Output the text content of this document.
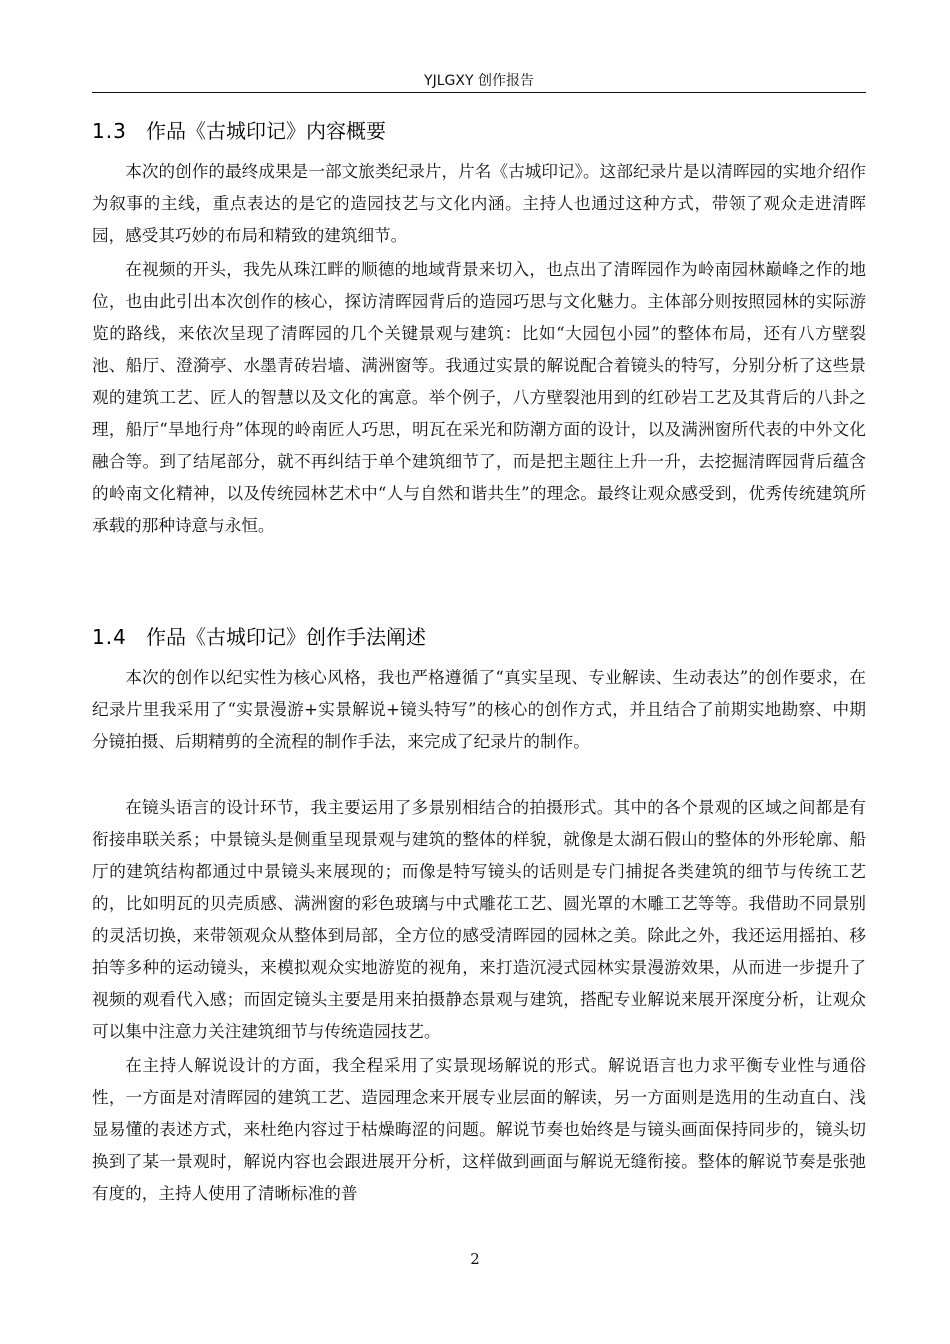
YJLGXY 创作报告
1.3 作品《古城印记》内容概要

本次的创作的最终成果是一部文旅类纪录片，片名《古城印记》。这部纪录片是以清晖园的实地介绍作为叙事的主线，重点表达的是它的造园技艺与文化内涵。主持人也通过这种方式，带领了观众走进清晖园，感受其巧妙的布局和精致的建筑细节。

在视频的开头，我先从珠江畔的顺德的地域背景来切入，也点出了清晖园作为岭南园林巅峰之作的地位，也由此引出本次创作的核心，探访清晖园背后的造园巧思与文化魅力。主体部分则按照园林的实际游览的路线，来依次呈现了清晖园的几个关键景观与建筑：比如“大园包小园”的整体布局，还有八方壁裂池、船厅、澄漪亭、水墨青砖岩墙、满洲窗等。我通过实景的解说配合着镜头的特写，分别分析了这些景观的建筑工艺、匠人的智慧以及文化的寓意。举个例子，八方壁裂池用到的红砂岩工艺及其背后的八卦之理，船厅“旱地行舟”体现的岭南匠人巧思，明瓦在采光和防潮方面的设计，以及满洲窗所代表的中外文化融合等。到了结尾部分，就不再纠结于单个建筑细节了，而是把主题往上升一升，去挖掘清晖园背后蕴含的岭南文化精神，以及传统园林艺术中“人与自然和谐共生”的理念。最终让观众感受到，优秀传统建筑所承载的那种诗意与永恒。

1.4 作品《古城印记》创作手法阐述

本次的创作以纪实性为核心风格，我也严格遵循了“真实呈现、专业解读、生动表达”的创作要求，在纪录片里我采用了“实景漫游+实景解说+镜头特写”的核心的创作方式，并且结合了前期实地勘察、中期分镜拍摄、后期精剪的全流程的制作手法，来完成了纪录片的制作。

在镜头语言的设计环节，我主要运用了多景别相结合的拍摄形式。其中的各个景观的区域之间都是有衔接串联关系；中景镜头是侧重呈现景观与建筑的整体的样貌，就像是太湖石假山的整体的外形轮廓、船厅的建筑结构都通过中景镜头来展现的；而像是特写镜头的话则是专门捕捉各类建筑的细节与传统工艺的，比如明瓦的贝壳质感、满洲窗的彩色玻璃与中式雕花工艺、圆光罩的木雕工艺等等。我借助不同景别的灵活切换，来带领观众从整体到局部，全方位的感受清晖园的园林之美。除此之外，我还运用摇拍、移拍等多种的运动镜头，来模拟观众实地游览的视角，来打造沉浸式园林实景漫游效果，从而进一步提升了视频的观看代入感；而固定镜头主要是用来拍摄静态景观与建筑，搭配专业解说来展开深度分析，让观众可以集中注意力关注建筑细节与传统造园技艺。

在主持人解说设计的方面，我全程采用了实景现场解说的形式。解说语言也力求平衡专业性与通俗性，一方面是对清晖园的建筑工艺、造园理念来开展专业层面的解读，另一方面则是选用的生动直白、浅显易懂的表述方式，来杜绝内容过于枯燥晦涩的问题。解说节奏也始终是与镜头画面保持同步的，镜头切换到了某一景观时，解说内容也会跟进展开分析，这样做到画面与解说无缝衔接。整体的解说节奏是张弛有度的，主持人使用了清晰标准的普

2
